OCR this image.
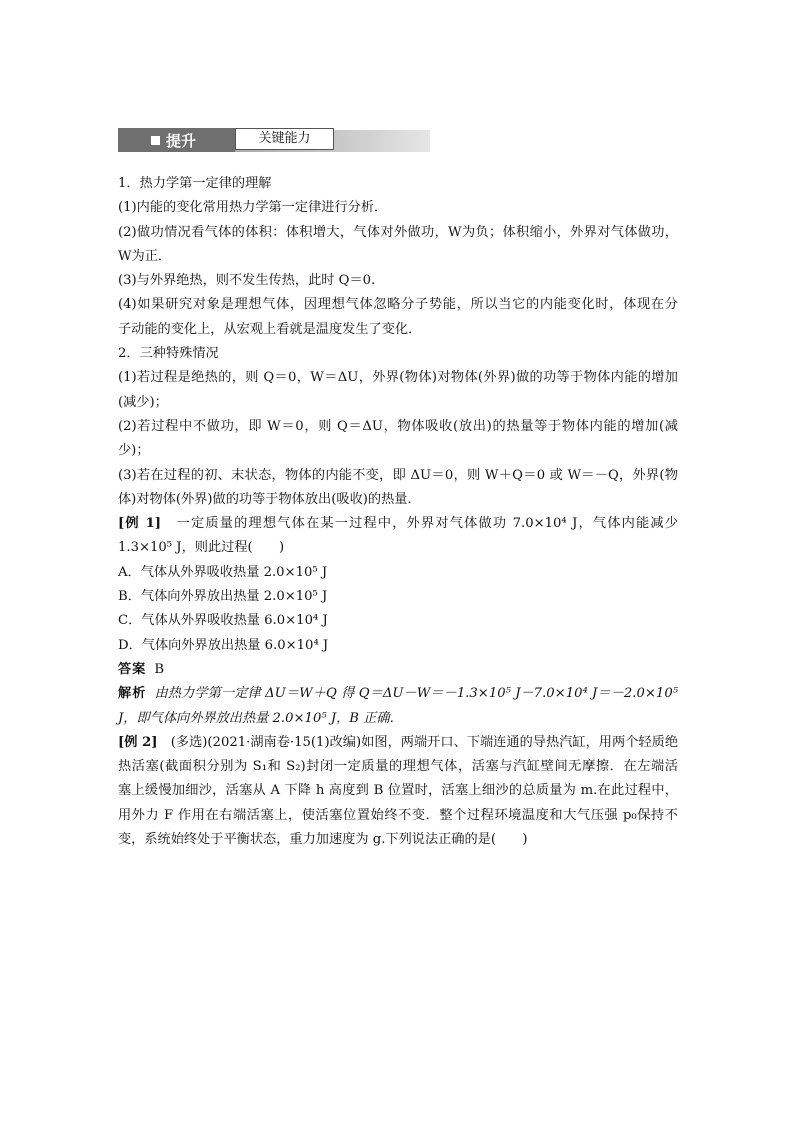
提升	关键能力
1．热力学第一定律的理解
(1)内能的变化常用热力学第一定律进行分析．
(2)做功情况看气体的体积：体积增大，气体对外做功，W为负；体积缩小，外界对气体做功，
W为正．
(3)与外界绝热，则不发生传热，此时 Q＝0.
(4)如果研究对象是理想气体，因理想气体忽略分子势能，所以当它的内能变化时，体现在分
子动能的变化上，从宏观上看就是温度发生了变化．
2．三种特殊情况
(1)若过程是绝热的，则 Q＝0，W＝ΔU，外界(物体)对物体(外界)做的功等于物体内能的增加
(减少)；
(2)若过程中不做功，即 W＝0，则 Q＝ΔU，物体吸收(放出)的热量等于物体内能的增加(减
少)；
(3)若在过程的初、末状态，物体的内能不变，即 ΔU＝0，则 W＋Q＝0 或 W＝－Q，外界(物
体)对物体(外界)做的功等于物体放出(吸收)的热量．
[例 1]　 一定质量的理想气体在某一过程中，外界对气体做功 7.0×10⁴ J，气体内能减少
1.3×10⁵ J，则此过程(　　)
A．气体从外界吸收热量 2.0×10⁵ J
B．气体向外界放出热量 2.0×10⁵ J
C．气体从外界吸收热量 6.0×10⁴ J
D．气体向外界放出热量 6.0×10⁴ J
答案 B
解析 由热力学第一定律 ΔU＝W＋Q 得 Q＝ΔU－W＝－1.3×10⁵ J－7.0×10⁴ J＝－2.0×10⁵
J，即气体向外界放出热量 2.0×10⁵ J，B 正确．
[例 2]　 (多选)(2021·湖南卷·15(1)改编)如图，两端开口、下端连通的导热汽缸，用两个轻质绝
热活塞(截面积分别为 S₁和 S₂)封闭一定质量的理想气体，活塞与汽缸壁间无摩擦．在左端活
塞上缓慢加细沙，活塞从 A 下降 h 高度到 B 位置时，活塞上细沙的总质量为 m.在此过程中，
用外力 F 作用在右端活塞上，使活塞位置始终不变．整个过程环境温度和大气压强 p₀保持不
变，系统始终处于平衡状态，重力加速度为 g.下列说法正确的是(　　)
